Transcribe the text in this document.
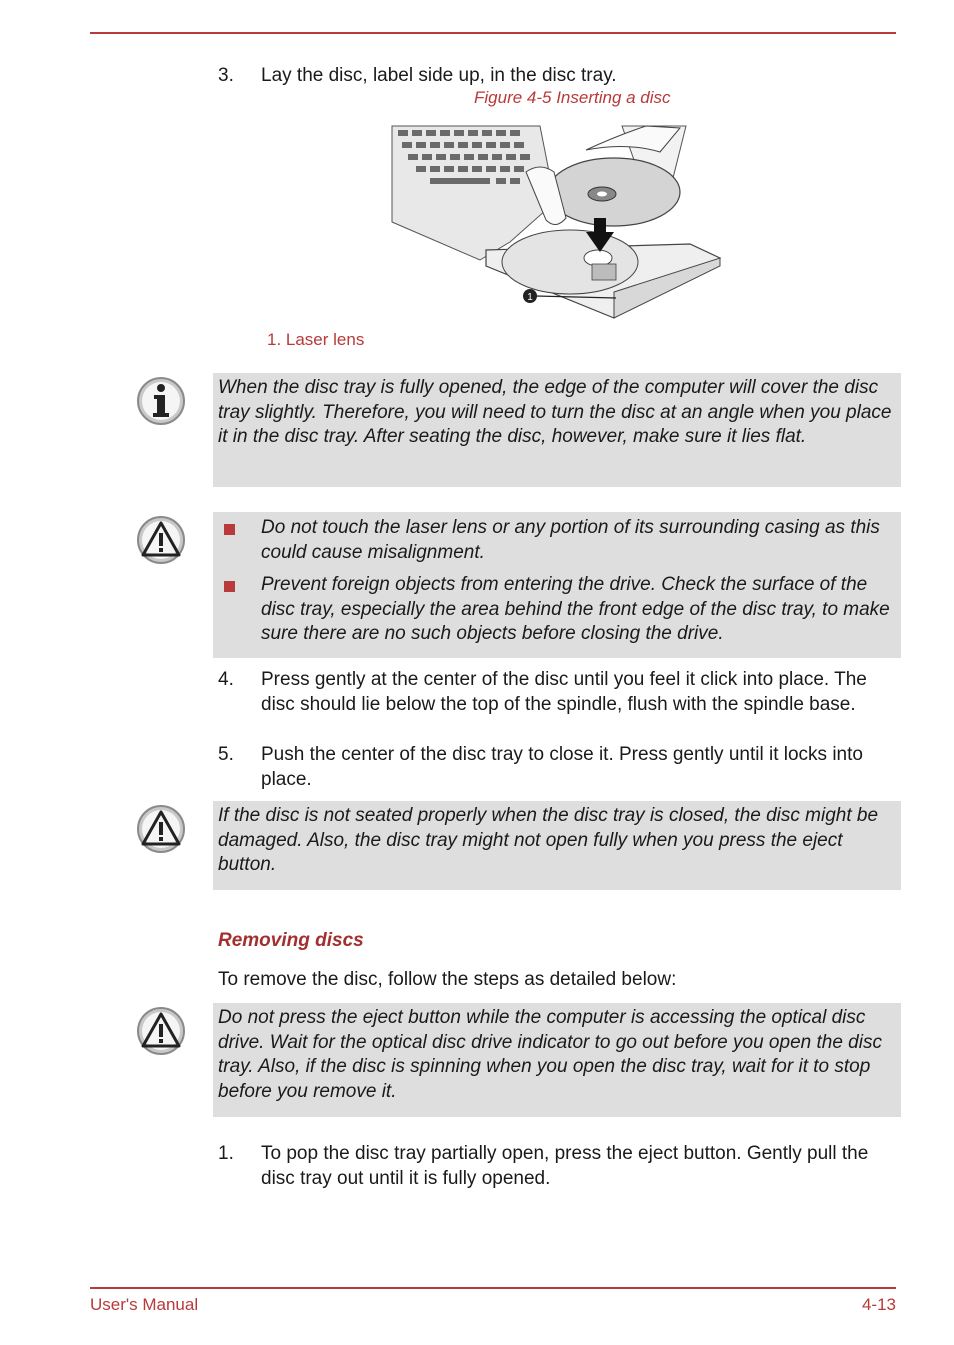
3. Lay the disc, label side up, in the disc tray.
Figure 4-5 Inserting a disc
1
1. Laser lens
When the disc tray is fully opened, the edge of the computer will cover the disc tray slightly. Therefore, you will need to turn the disc at an angle when you place it in the disc tray. After seating the disc, however, make sure it lies flat.
Do not touch the laser lens or any portion of its surrounding casing as this could cause misalignment.
Prevent foreign objects from entering the drive. Check the surface of the disc tray, especially the area behind the front edge of the disc tray, to make sure there are no such objects before closing the drive.
4. Press gently at the center of the disc until you feel it click into place. The disc should lie below the top of the spindle, flush with the spindle base.
5. Push the center of the disc tray to close it. Press gently until it locks into place.
If the disc is not seated properly when the disc tray is closed, the disc might be damaged. Also, the disc tray might not open fully when you press the eject button.
Removing discs
To remove the disc, follow the steps as detailed below:
Do not press the eject button while the computer is accessing the optical disc drive. Wait for the optical disc drive indicator to go out before you open the disc tray. Also, if the disc is spinning when you open the disc tray, wait for it to stop before you remove it.
1. To pop the disc tray partially open, press the eject button. Gently pull the disc tray out until it is fully opened.
User's Manual	4-13
